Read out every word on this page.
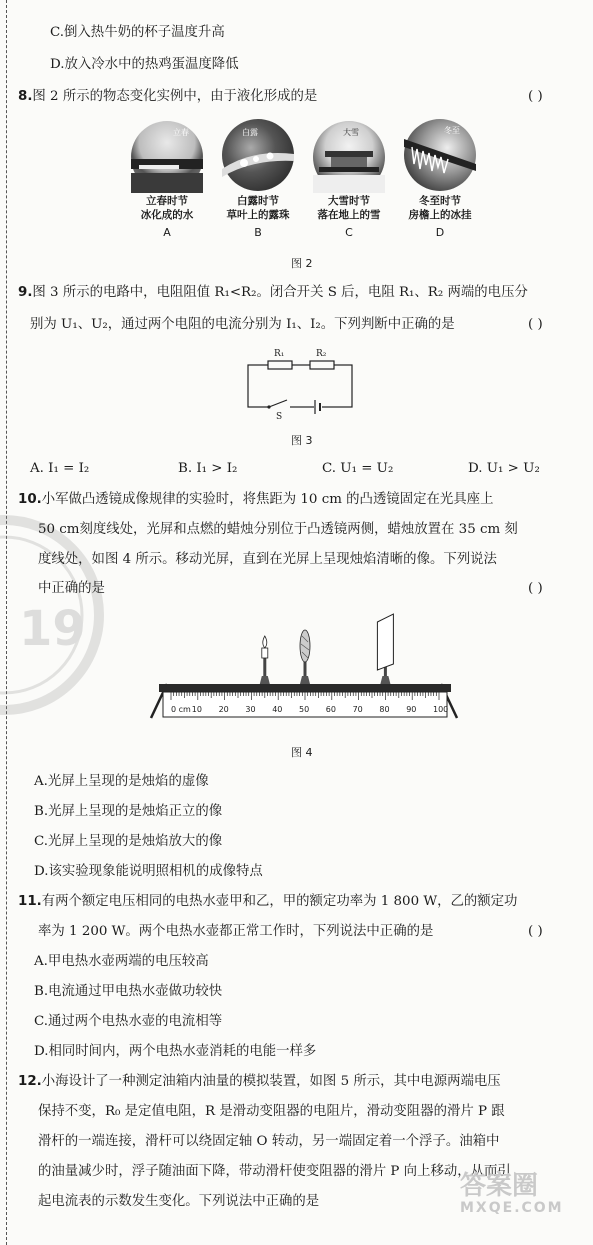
19
C.倒入热牛奶的杯子温度升高
D.放入冷水中的热鸡蛋温度降低
8.图 2 所示的物态变化实例中，由于液化形成的是	( )
立春	白露	大雪	冬至
立春时节
冰化成的水
白露时节
草叶上的露珠
大雪时节
落在地上的雪
冬至时节
房檐上的冰挂
A	B	C	D
图 2
9.图 3 所示的电路中，电阻阻值 R₁<R₂。闭合开关 S 后，电阻 R₁、R₂ 两端的电压分
别为 U₁、U₂，通过两个电阻的电流分别为 I₁、I₂。下列判断中正确的是	( )
R₁	R₂
S
图 3
A. I₁ = I₂	B. I₁ > I₂	C. U₁ = U₂	D. U₁ > U₂
10.小军做凸透镜成像规律的实验时，将焦距为 10 cm 的凸透镜固定在光具座上
50 cm刻度线处，光屏和点燃的蜡烛分别位于凸透镜两侧，蜡烛放置在 35 cm 刻
度线处，如图 4 所示。移动光屏，直到在光屏上呈现烛焰清晰的像。下列说法
中正确的是	( )
0 cm 10 20 30 40 50 60 70 80 90 100
图 4
A.光屏上呈现的是烛焰的虚像
B.光屏上呈现的是烛焰正立的像
C.光屏上呈现的是烛焰放大的像
D.该实验现象能说明照相机的成像特点
11.有两个额定电压相同的电热水壶甲和乙，甲的额定功率为 1 800 W，乙的额定功
率为 1 200 W。两个电热水壶都正常工作时，下列说法中正确的是	( )
A.甲电热水壶两端的电压较高
B.电流通过甲电热水壶做功较快
C.通过两个电热水壶的电流相等
D.相同时间内，两个电热水壶消耗的电能一样多
12.小海设计了一种测定油箱内油量的模拟装置，如图 5 所示，其中电源两端电压
保持不变，R₀ 是定值电阻，R 是滑动变阻器的电阻片，滑动变阻器的滑片 P 跟
滑杆的一端连接，滑杆可以绕固定轴 O 转动，另一端固定着一个浮子。油箱中
的油量减少时，浮子随油面下降，带动滑杆使变阻器的滑片 P 向上移动，从而引
起电流表的示数发生变化。下列说法中正确的是
答案圈
MXQE.COM
